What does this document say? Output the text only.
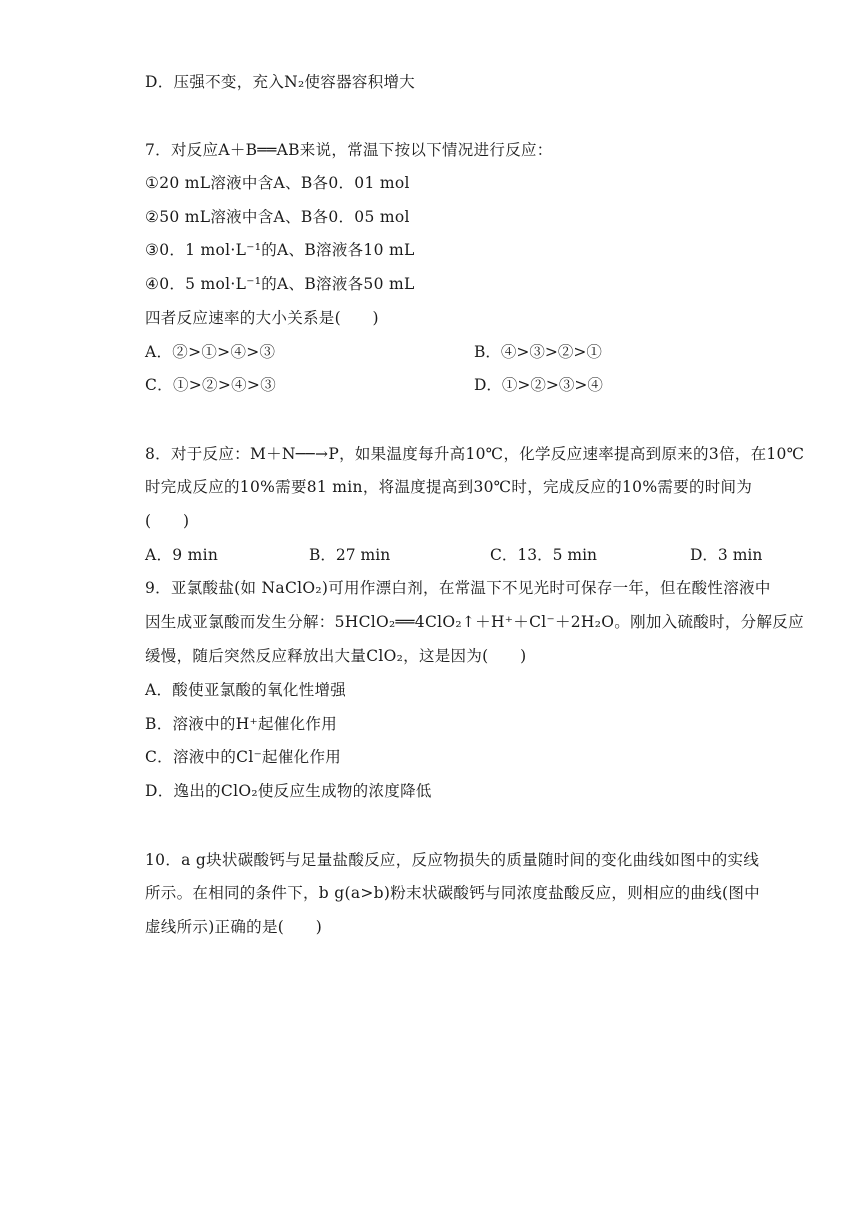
D．压强不变，充入N₂使容器容积增大
7．对反应A＋B══AB来说，常温下按以下情况进行反应：
①20 mL溶液中含A、B各0．01 mol
②50 mL溶液中含A、B各0．05 mol
③0．1 mol·L⁻¹的A、B溶液各10 mL
④0．5 mol·L⁻¹的A、B溶液各50 mL
四者反应速率的大小关系是(　　)
A．②>①>④>③	B．④>③>②>①
C．①>②>④>③	D．①>②>③>④
8．对于反应：M＋N──→P，如果温度每升高10℃，化学反应速率提高到原来的3倍，在10℃
时完成反应的10%需要81 min，将温度提高到30℃时，完成反应的10%需要的时间为
(　　)
A．9 min	B．27 min	C．13．5 min	D．3 min
9．亚氯酸盐(如 NaClO₂)可用作漂白剂，在常温下不见光时可保存一年，但在酸性溶液中
因生成亚氯酸而发生分解：5HClO₂══4ClO₂↑＋H⁺＋Cl⁻＋2H₂O。刚加入硫酸时，分解反应
缓慢，随后突然反应释放出大量ClO₂，这是因为(　　)
A．酸使亚氯酸的氧化性增强
B．溶液中的H⁺起催化作用
C．溶液中的Cl⁻起催化作用
D．逸出的ClO₂使反应生成物的浓度降低
10．a g块状碳酸钙与足量盐酸反应，反应物损失的质量随时间的变化曲线如图中的实线
所示。在相同的条件下，b g(a>b)粉末状碳酸钙与同浓度盐酸反应，则相应的曲线(图中
虚线所示)正确的是(　　)
